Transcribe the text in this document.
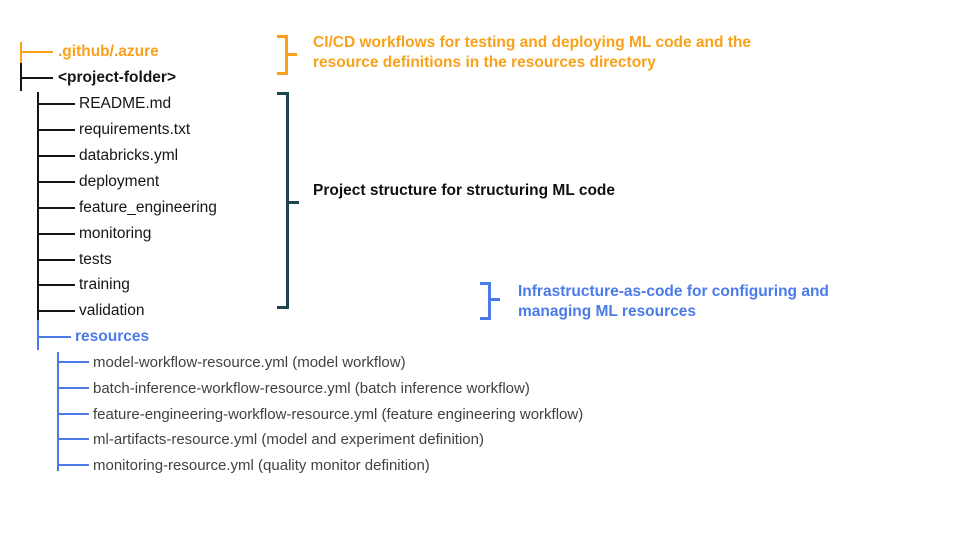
.github/.azure
<project-folder>
README.md
requirements.txt
databricks.yml
deployment
feature_engineering
monitoring
tests
training
validation
resources
model-workflow-resource.yml (model workflow)
batch-inference-workflow-resource.yml (batch inference workflow)
feature-engineering-workflow-resource.yml (feature engineering workflow)
ml-artifacts-resource.yml (model and experiment definition)
monitoring-resource.yml (quality monitor definition)
CI/CD workflows for testing and deploying ML code and the
resource definitions in the resources directory
Project structure for structuring ML code
Infrastructure-as-code for configuring and
managing ML resources
